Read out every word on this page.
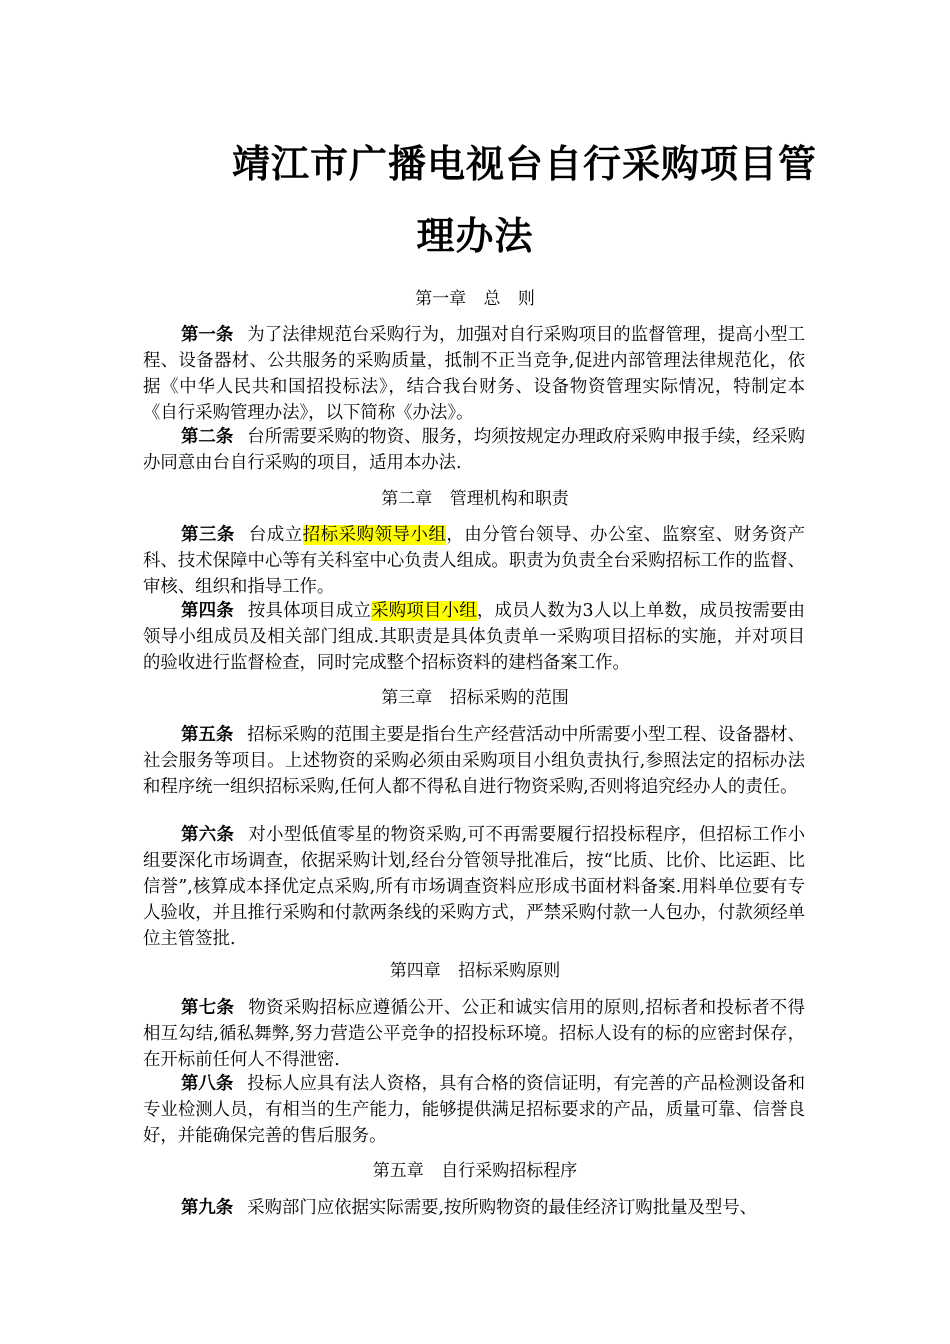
靖江市广播电视台自行采购项目管
理办法
第一章 总 则
第一条 为了法律规范台采购行为，加强对自行采购项目的监督管理，提高小型工程、设备器材、公共服务的采购质量，抵制不正当竞争,促进内部管理法律规范化，依据《中华人民共和国招投标法》，结合我台财务、设备物资管理实际情况，特制定本《自行采购管理办法》，以下简称《办法》。
第二条 台所需要采购的物资、服务，均须按规定办理政府采购申报手续，经采购办同意由台自行采购的项目，适用本办法.
第二章 管理机构和职责
第三条 台成立招标采购领导小组，由分管台领导、办公室、监察室、财务资产科、技术保障中心等有关科室中心负责人组成。职责为负责全台采购招标工作的监督、审核、组织和指导工作。
第四条 按具体项目成立采购项目小组，成员人数为3人以上单数，成员按需要由领导小组成员及相关部门组成.其职责是具体负责单一采购项目招标的实施，并对项目的验收进行监督检查，同时完成整个招标资料的建档备案工作。
第三章 招标采购的范围
第五条 招标采购的范围主要是指台生产经营活动中所需要小型工程、设备器材、社会服务等项目。上述物资的采购必须由采购项目小组负责执行,参照法定的招标办法和程序统一组织招标采购,任何人都不得私自进行物资采购,否则将追究经办人的责任。
第六条 对小型低值零星的物资采购,可不再需要履行招投标程序，但招标工作小组要深化市场调查，依据采购计划,经台分管领导批准后，按“比质、比价、比运距、比信誉”,核算成本择优定点采购,所有市场调查资料应形成书面材料备案.用料单位要有专人验收，并且推行采购和付款两条线的采购方式，严禁采购付款一人包办，付款须经单位主管签批.
第四章 招标采购原则
第七条 物资采购招标应遵循公开、公正和诚实信用的原则,招标者和投标者不得相互勾结,循私舞弊,努力营造公平竞争的招投标环境。招标人设有的标的应密封保存，在开标前任何人不得泄密.
第八条 投标人应具有法人资格，具有合格的资信证明，有完善的产品检测设备和专业检测人员，有相当的生产能力，能够提供满足招标要求的产品，质量可靠、信誉良好，并能确保完善的售后服务。
第五章 自行采购招标程序
第九条 采购部门应依据实际需要,按所购物资的最佳经济订购批量及型号、
